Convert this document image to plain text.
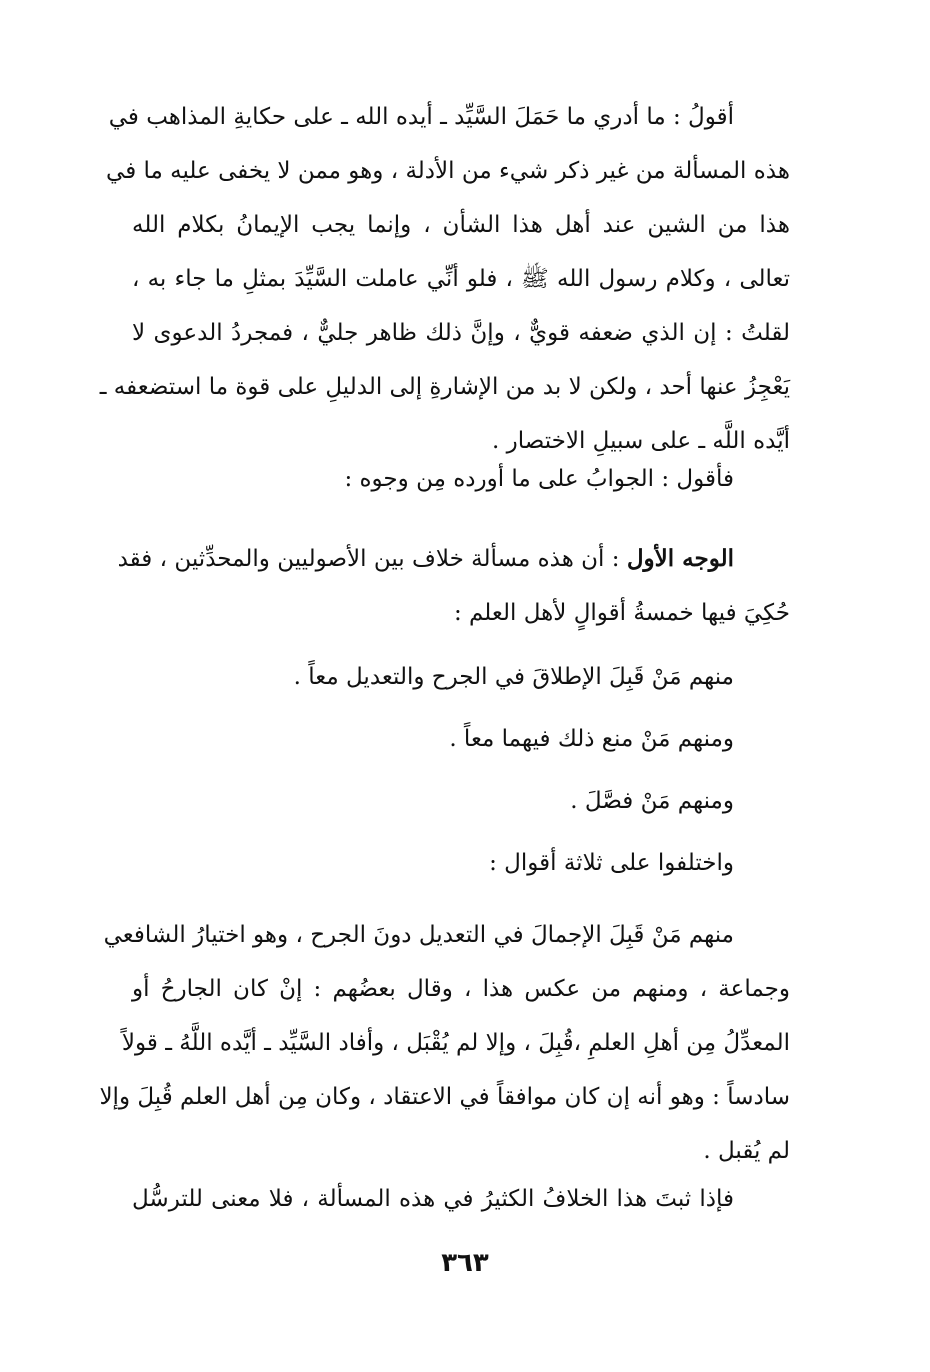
أقولُ : ما أدري ما حَمَلَ السَّيِّد ـ أيده الله ـ على حكايةِ المذاهب في
هذه المسألة من غير ذكر شيء من الأدلة ، وهو ممن لا يخفى عليه ما في
هذا من الشين عند أهل هذا الشأن ، وإنما يجب الإيمانُ بكلام الله
تعالى ، وكلام رسول الله ﷺ ، فلو أنِّي عاملت السَّيِّدَ بمثلِ ما جاء به ،
لقلتُ : إن الذي ضعفه قويٌّ ، وإنَّ ذلك ظاهر جليٌّ ، فمجردُ الدعوى لا
يَعْجِزُ عنها أحد ، ولكن لا بد من الإشارةِ إلى الدليلِ على قوة ما استضعفه ـ
أيَّده اللَّه ـ على سبيلِ الاختصار .
فأقول : الجوابُ على ما أورده مِن وجوه :
الوجه الأول : أن هذه مسألة خلاف بين الأصوليين والمحدِّثين ، فقد
حُكِيَ فيها خمسةُ أقوالٍ لأهل العلم :
منهم مَنْ قَبِلَ الإطلاقَ في الجرح والتعديل معاً .
ومنهم مَنْ منع ذلك فيهما معاً .
ومنهم مَنْ فصَّلَ .
واختلفوا على ثلاثة أقوال :
منهم مَنْ قَبِلَ الإجمالَ في التعديل دونَ الجرح ، وهو اختيارُ الشافعي
وجماعة ، ومنهم من عكس هذا ، وقال بعضُهم : إنْ كان الجارحُ أو
المعدِّلُ مِن أهلِ العلمِ ،قُبِلَ ، وإلا لم يُقْبَل ، وأفاد السَّيِّد ـ أيَّده اللَّهُ ـ قولاً
سادساً : وهو أنه إن كان موافقاً في الاعتقاد ، وكان مِن أهل العلم قُبِلَ وإلا
لم يُقبل .
فإذا ثبتَ هذا الخلافُ الكثيرُ في هذه المسألة ، فلا معنى للترسُّل
٣٦٣
